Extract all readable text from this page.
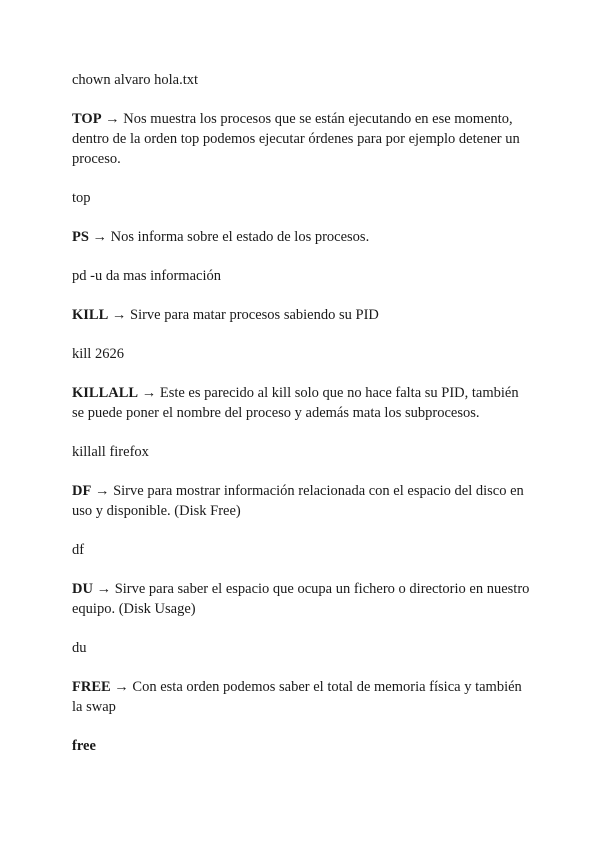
chown alvaro hola.txt

TOP → Nos muestra los procesos que se están ejecutando en ese momento, dentro de la orden top podemos ejecutar órdenes para por ejemplo detener un proceso.

top

PS → Nos informa sobre el estado de los procesos.

pd -u da mas información

KILL → Sirve para matar procesos sabiendo su PID

kill 2626

KILLALL → Este es parecido al kill solo que no hace falta su PID, también se puede poner el nombre del proceso y además mata los subprocesos.

killall firefox

DF → Sirve para mostrar información relacionada con el espacio del disco en uso y disponible. (Disk Free)

df

DU → Sirve para saber el espacio que ocupa un fichero o directorio en nuestro equipo. (Disk Usage)

du

FREE → Con esta orden podemos saber el total de memoria física y también la swap

free
